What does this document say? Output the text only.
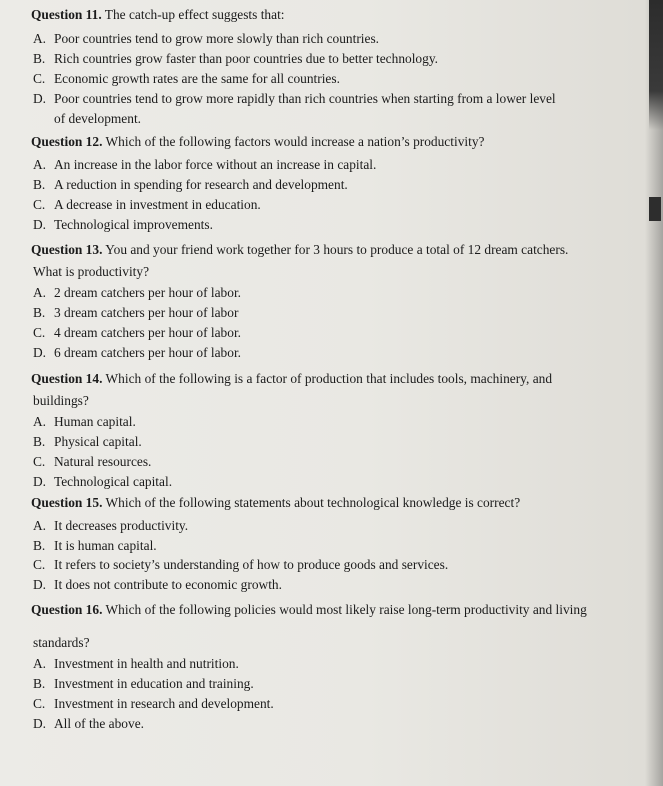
Question 11. The catch-up effect suggests that:
A. Poor countries tend to grow more slowly than rich countries.
B. Rich countries grow faster than poor countries due to better technology.
C. Economic growth rates are the same for all countries.
D. Poor countries tend to grow more rapidly than rich countries when starting from a lower level
of development.
Question 12. Which of the following factors would increase a nation’s productivity?
A. An increase in the labor force without an increase in capital.
B. A reduction in spending for research and development.
C. A decrease in investment in education.
D. Technological improvements.
Question 13. You and your friend work together for 3 hours to produce a total of 12 dream catchers.
What is productivity?
A. 2 dream catchers per hour of labor.
B. 3 dream catchers per hour of labor
C. 4 dream catchers per hour of labor.
D. 6 dream catchers per hour of labor.
Question 14. Which of the following is a factor of production that includes tools, machinery, and
buildings?
A. Human capital.
B. Physical capital.
C. Natural resources.
D. Technological capital.
Question 15. Which of the following statements about technological knowledge is correct?
A. It decreases productivity.
B. It is human capital.
C. It refers to society’s understanding of how to produce goods and services.
D. It does not contribute to economic growth.
Question 16. Which of the following policies would most likely raise long-term productivity and living
standards?
A. Investment in health and nutrition.
B. Investment in education and training.
C. Investment in research and development.
D. All of the above.
